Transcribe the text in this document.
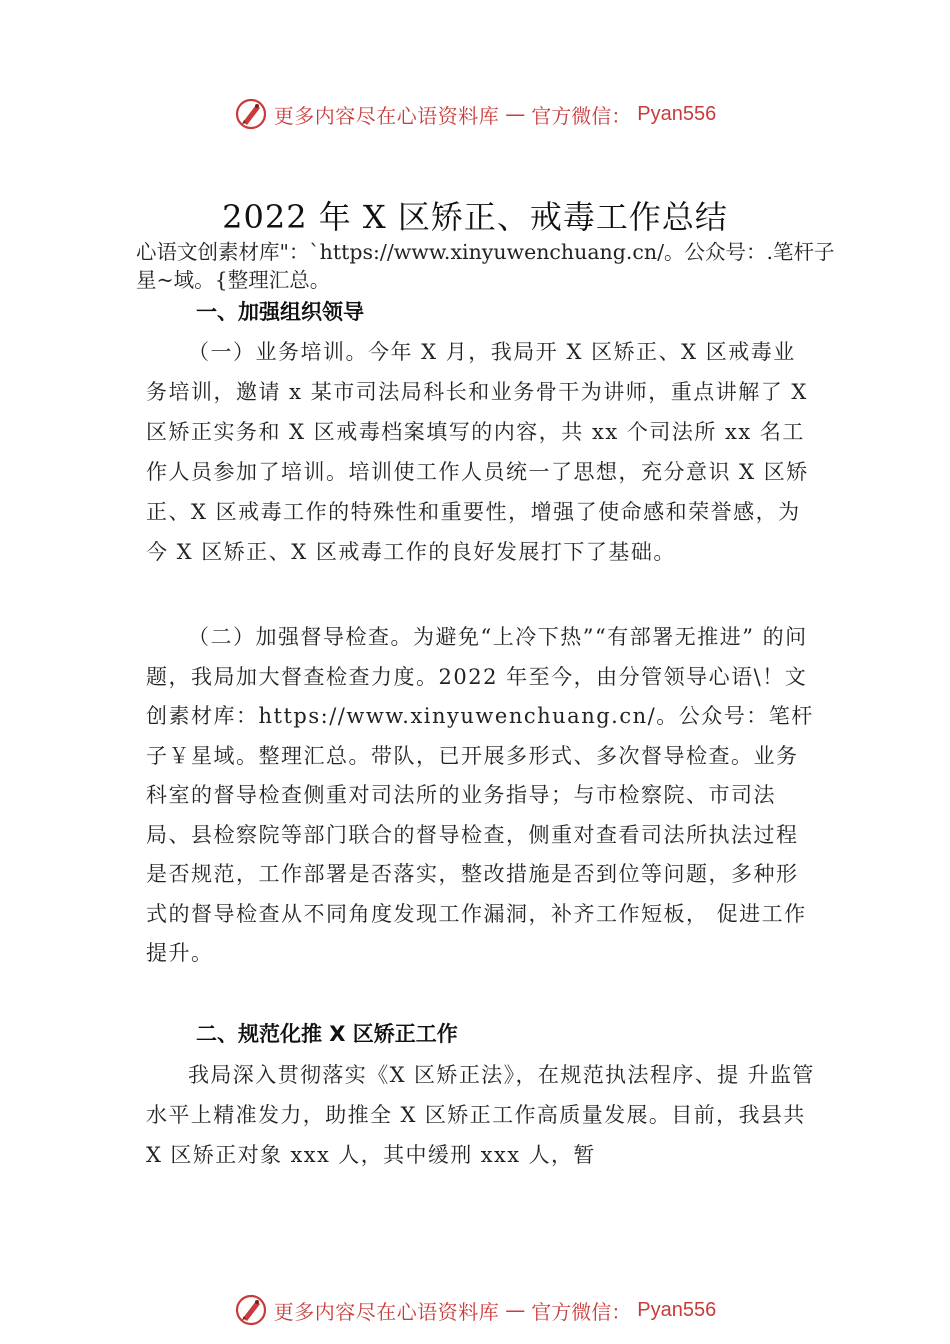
更多内容尽在心语资料库 — 官方微信： Pyan556
2022 年 X 区矫正、戒毒工作总结
心语文创素材库"：`https://www.xinyuwenchuang.cn/。公众号：.笔杆子星~域。{整理汇总。
一、加强组织领导
（一）业务培训。今年 X 月，我局开 X 区矫正、X 区戒毒业务培训，邀请 x 某市司法局科长和业务骨干为讲师，重点讲解了 X 区矫正实务和 X 区戒毒档案填写的内容，共 xx 个司法所 xx 名工作人员参加了培训。培训使工作人员统一了思想，充分意识 X 区矫正、X 区戒毒工作的特殊性和重要性，增强了使命感和荣誉感，为今 X 区矫正、X 区戒毒工作的良好发展打下了基础。
（二）加强督导检查。为避免“上冷下热”“有部署无推进” 的问题，我局加大督查检查力度。2022 年至今，由分管领导心语\！文创素材库：https://www.xinyuwenchuang.cn/。公众号：笔杆子￥星域。整理汇总。带队，已开展多形式、多次督导检查。业务科室的督导检查侧重对司法所的业务指导；与市检察院、市司法局、县检察院等部门联合的督导检查，侧重对查看司法所执法过程是否规范，工作部署是否落实，整改措施是否到位等问题，多种形式的督导检查从不同角度发现工作漏洞，补齐工作短板， 促进工作提升。
二、规范化推 X 区矫正工作
我局深入贯彻落实《X 区矫正法》，在规范执法程序、提 升监管水平上精准发力，助推全 X 区矫正工作高质量发展。目前，我县共 X 区矫正对象 xxx 人，其中缓刑 xxx 人，暂
更多内容尽在心语资料库 — 官方微信： Pyan556
